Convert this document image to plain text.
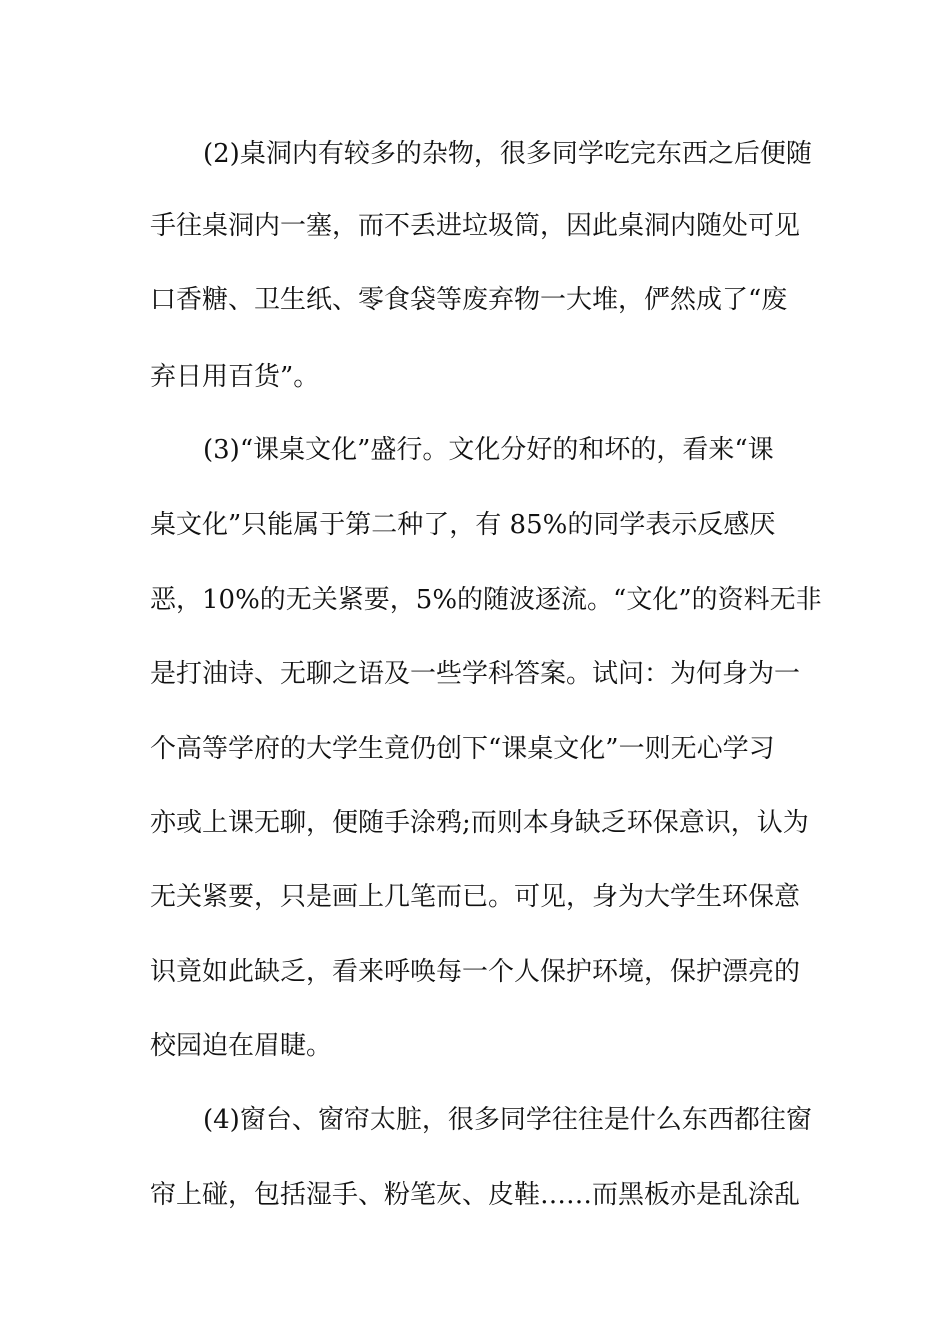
(2)桌洞内有较多的杂物，很多同学吃完东西之后便随
手往桌洞内一塞，而不丢进垃圾筒，因此桌洞内随处可见
口香糖、卫生纸、零食袋等废弃物一大堆，俨然成了“废
弃日用百货”。
(3)“课桌文化”盛行。文化分好的和坏的，看来“课
桌文化”只能属于第二种了，有 85%的同学表示反感厌
恶，10%的无关紧要，5%的随波逐流。“文化”的资料无非
是打油诗、无聊之语及一些学科答案。试问：为何身为一
个高等学府的大学生竟仍创下“课桌文化”一则无心学习
亦或上课无聊，便随手涂鸦;而则本身缺乏环保意识，认为
无关紧要，只是画上几笔而已。可见，身为大学生环保意
识竟如此缺乏，看来呼唤每一个人保护环境，保护漂亮的
校园迫在眉睫。
(4)窗台、窗帘太脏，很多同学往往是什么东西都往窗
帘上碰，包括湿手、粉笔灰、皮鞋……而黑板亦是乱涂乱
